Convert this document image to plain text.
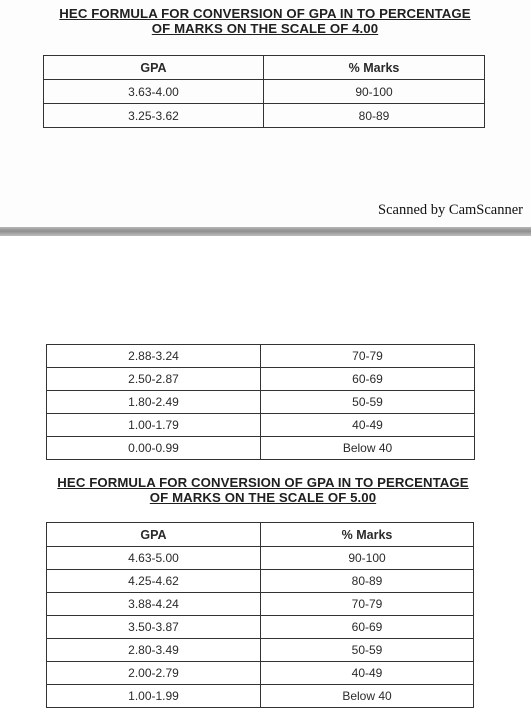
HEC FORMULA FOR CONVERSION OF GPA IN TO PERCENTAGE
OF MARKS ON THE SCALE OF 4.00
GPA	% Marks
3.63-4.00	90-100
3.25-3.62	80-89
Scanned by CamScanner
2.88-3.24	70-79
2.50-2.87	60-69
1.80-2.49	50-59
1.00-1.79	40-49
0.00-0.99	Below 40
HEC FORMULA FOR CONVERSION OF GPA IN TO PERCENTAGE
OF MARKS ON THE SCALE OF 5.00
GPA	% Marks
4.63-5.00	90-100
4.25-4.62	80-89
3.88-4.24	70-79
3.50-3.87	60-69
2.80-3.49	50-59
2.00-2.79	40-49
1.00-1.99	Below 40
